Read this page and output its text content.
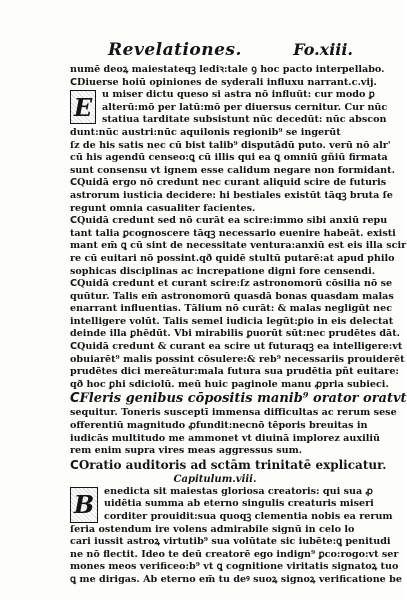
Revelationes.	Fo.xiii.
numē deoꝝ maiestateqꝫ lediꝛ:tale ꝯ hoc pacto interpellabo.
CDiuerse hoiū opiniones de syderali influxu narrant.c.vij.
E	u miser dictu queso si astra nō influūt: cur modo ꝑ
alterū:mō per latū:mō per diuersus cernitur. Cur nūc
statiua tarditate subsistunt nūc decedūt: nūc abscon
dunt:nūc austri:nūc aquilonis regionib⁹ se ingerūt
ſz de his satis nec cū bist talib⁹ disputādū puto. verū nō alr'
cū his agendū censeo:ꝗ cū illis qui ea ꝗ omniū gñiū firmata
sunt consensu vt ignem esse calidum negare non formidant.
CQuidā ergo nō credunt nec curant aliquid scire de futuris
astrorum iusticia decidere: hi bestiales existūt tāqꝫ bruta ſe
regunt omnia casualiter facientes.
CQuidā credunt sed nō curāt ea scire:immo sibi anxiū repu
tant talia ꝑcognoscere tāqꝫ necessario euenire habeāt. existi
mant em̄ ꝗ cū sint de necessitate ventura:anxiū est eis illa scir
re cū euitari nō possint.qð quidē stultū putarē:at apud philo
sophicas disciplinas ac increpatione digni fore censendi.
CQuidā credunt et curant scire:ſz astronomorū cōsilia nō se
quūtur. Talis em̄ astronomorū quasdā bonas quasdam malas
enarrant influentias. Tālium nō curāt: & malas negligūt nec
intelligere volūt. Talis semel iudicia legūt:ꝑio in eis delectat
deinde illa ꝑhēdūt. Vbi mirabilis ꝑuorūt sūt:nec prudētes dāt.
CQuidā credunt & curant ea scire ut futuraqꝫ ea intelligere:vt
obuiarēt⁹ malis possint cōsulere:& reb⁹ necessariis prouiderēt
prudētes dici mereātur:mala futura sua prudētia pñt euitare:
qð hoc ꝑhi sdiciolū. meū huic paginole manu ꝓpria subieci.
CFleris genibus cōpositis manib⁹ orator oratvt
sequitur. Toneris susceptī immensa difficultas ac rerum sese
offerentiū magnitudo ꝓfundit:necnō tēporis breuitas in
iudicās multitudo me ammonet vt diuinā implorez auxiliū
rem enim supra vires meas aggressus sum.
COratio auditoris ad sctām trinitatē explicatur.
Capitulum.viii.
B	enedicta sit maiestas gloriosa creatoris: qui sua ꝓ
uidētia summa ab eterno singulis creaturis miseri
corditer prouidit:sua quoqꝫ clementia nobis ea rerum
ſeria ostendum ire volens admirabile signū in celo lo
cari iussit astroꝝ virtutib⁹ sua volūtate sic iubēte:ꝗ penitudi
ne nō flectit. Ideo te deū creatorē ego indign⁹ ꝑco:rogo:vt ser
mones meos verificeo:b⁹ vt ꝗ cognitione viritatis signatoꝝ tuo
ꝗ me dirigas. Ab eterno em̄ tu deꝰ suoꝝ signoꝝ verificatione be
